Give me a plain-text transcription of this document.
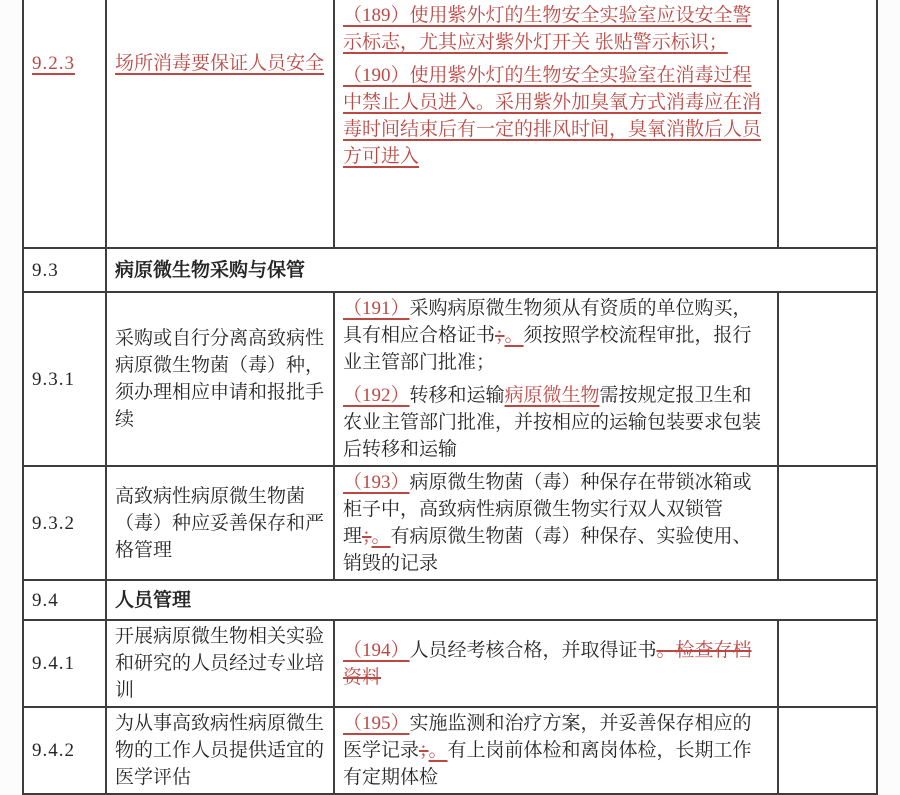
9.2.3	场所消毒要保证人员安全	（189）使用紫外灯的生物安全实验室应设安全警示标志，尤其应对紫外灯开关 张贴警示标识；

（190）使用紫外灯的生物安全实验室在消毒过程中禁止人员进入。采用紫外加臭氧方式消毒应在消毒时间结束后有一定的排风时间，臭氧消散后人员方可进入	

9.3	病原微生物采购与保管		
9.3.1	采购或自行分离高致病性病原微生物菌（毒）种，须办理相应申请和报批手续	（191）采购病原微生物须从有资质的单位购买，具有相应合格证书；。须按照学校流程审批，报行业主管部门批准；

（192）转移和运输病原微生物需按规定报卫生和农业主管部门批准，并按相应的运输包装要求包装后转移和运输	

9.3.2	高致病性病原微生物菌（毒）种应妥善保存和严格管理	（193）病原微生物菌（毒）种保存在带锁冰箱或柜子中，高致病性病原微生物实行双人双锁管理；。有病原微生物菌（毒）种保存、实验使用、销毁的记录	

9.4	人员管理		
9.4.1	开展病原微生物相关实验和研究的人员经过专业培训	（194）人员经考核合格，并取得证书。检查存档资料	

9.4.2	为从事高致病性病原微生物的工作人员提供适宜的医学评估	（195）实施监测和治疗方案，并妥善保存相应的医学记录；。有上岗前体检和离岗体检，长期工作有定期体检	
